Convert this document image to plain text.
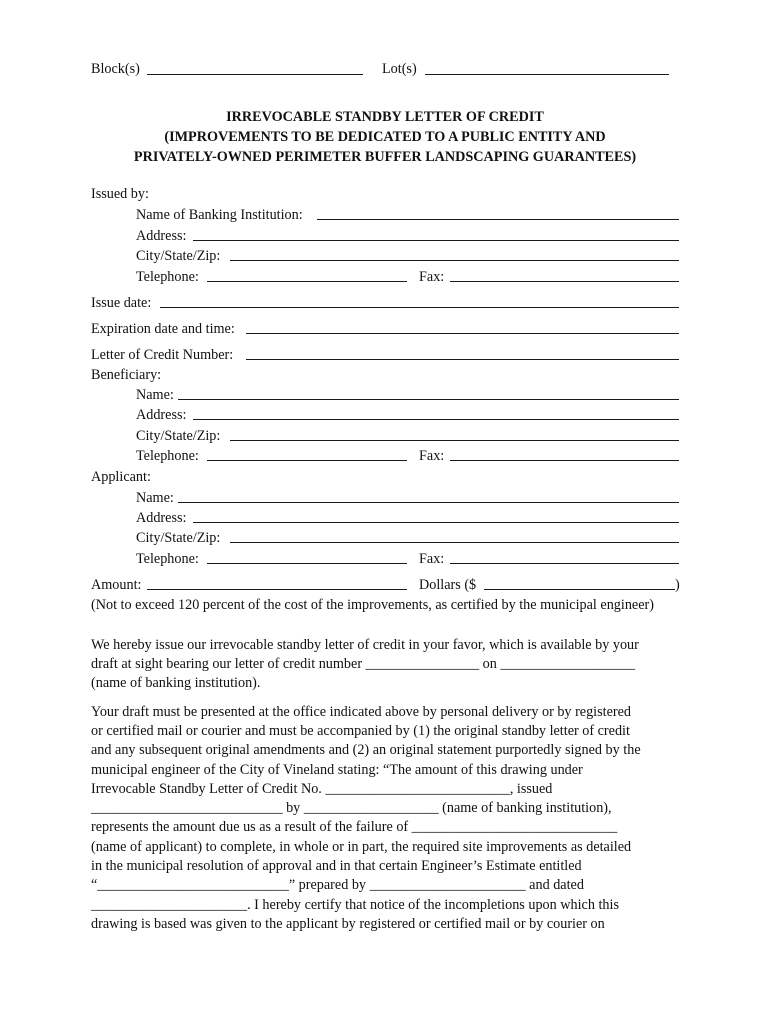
Block(s)	Lot(s)
IRREVOCABLE STANDBY LETTER OF CREDIT
(IMPROVEMENTS TO BE DEDICATED TO A PUBLIC ENTITY AND
PRIVATELY-OWNED PERIMETER BUFFER LANDSCAPING GUARANTEES)
Issued by:
Name of Banking Institution:
Address:
City/State/Zip:
Telephone:	Fax:
Issue date:
Expiration date and time:
Letter of Credit Number:
Beneficiary:
Name:
Address:
City/State/Zip:
Telephone:	Fax:
Applicant:
Name:
Address:
City/State/Zip:
Telephone:	Fax:
Amount:	Dollars ($	)
(Not to exceed 120 percent of the cost of the improvements, as certified by the municipal engineer)
We hereby issue our irrevocable standby letter of credit in your favor, which is available by your
draft at sight bearing our letter of credit number ________________ on ___________________
(name of banking institution).
Your draft must be presented at the office indicated above by personal delivery or by registered
or certified mail or courier and must be accompanied by (1) the original standby letter of credit
and any subsequent original amendments and (2) an original statement purportedly signed by the
municipal engineer of the City of Vineland stating: “The amount of this drawing under
Irrevocable Standby Letter of Credit No. __________________________, issued
___________________________ by ___________________ (name of banking institution),
represents the amount due us as a result of the failure of _____________________________
(name of applicant) to complete, in whole or in part, the required site improvements as detailed
in the municipal resolution of approval and in that certain Engineer’s Estimate entitled
“___________________________” prepared by ______________________ and dated
______________________. I hereby certify that notice of the incompletions upon which this
drawing is based was given to the applicant by registered or certified mail or by courier on
